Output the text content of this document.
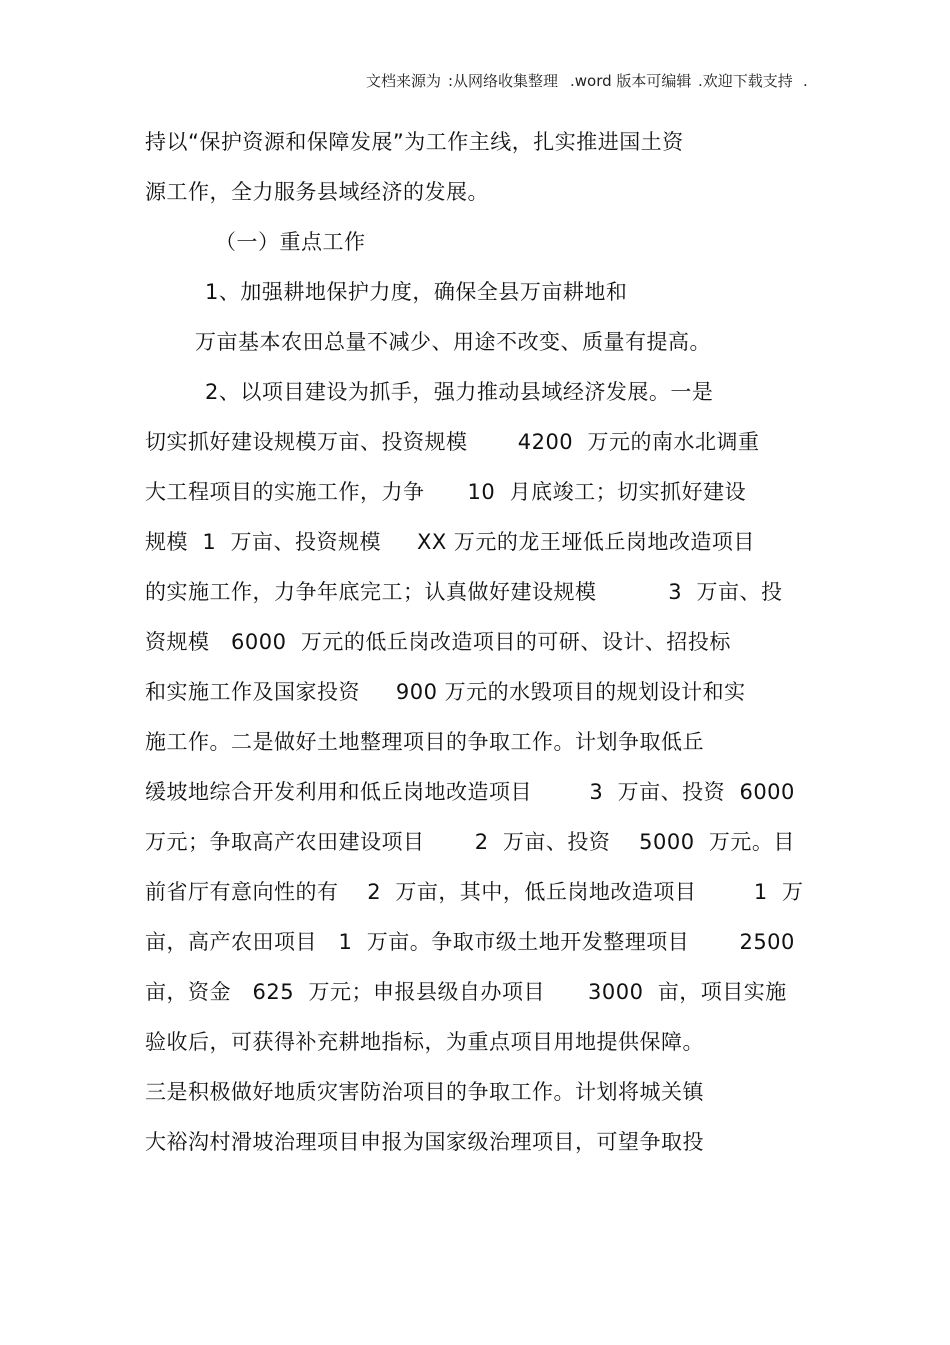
文档来源为

:从网络收集整理

.word 版本可编辑

.欢迎下载支持

.

持以“保护资源和保障发展”为工作主线，扎实推进国土资
源工作，全力服务县域经济的发展。
（一）重点工作
1、加强耕地保护力度，确保全县万亩耕地和
万亩基本农田总量不减少、用途不改变、质量有提高。
2、以项目建设为抓手，强力推动县域经济发展。一是
切实抓好建设规模万亩、投资规模       4200  万元的南水北调重
大工程项目的实施工作，力争      10  月底竣工；切实抓好建设
规模  1  万亩、投资规模     XX 万元的龙王垭低丘岗地改造项目
的实施工作，力争年底完工；认真做好建设规模          3  万亩、投
资规模   6000  万元的低丘岗改造项目的可研、设计、招投标
和实施工作及国家投资     900 万元的水毁项目的规划设计和实
施工作。二是做好土地整理项目的争取工作。计划争取低丘
缓坡地综合开发利用和低丘岗地改造项目        3  万亩、投资  6000
万元；争取高产农田建设项目       2  万亩、投资    5000  万元。目
前省厅有意向性的有    2  万亩，其中，低丘岗地改造项目        1  万
亩，高产农田项目   1  万亩。争取市级土地开发整理项目       2500
亩，资金   625  万元；申报县级自办项目      3000  亩，项目实施
验收后，可获得补充耕地指标，为重点项目用地提供保障。
三是积极做好地质灾害防治项目的争取工作。计划将城关镇
大裕沟村滑坡治理项目申报为国家级治理项目，可望争取投
